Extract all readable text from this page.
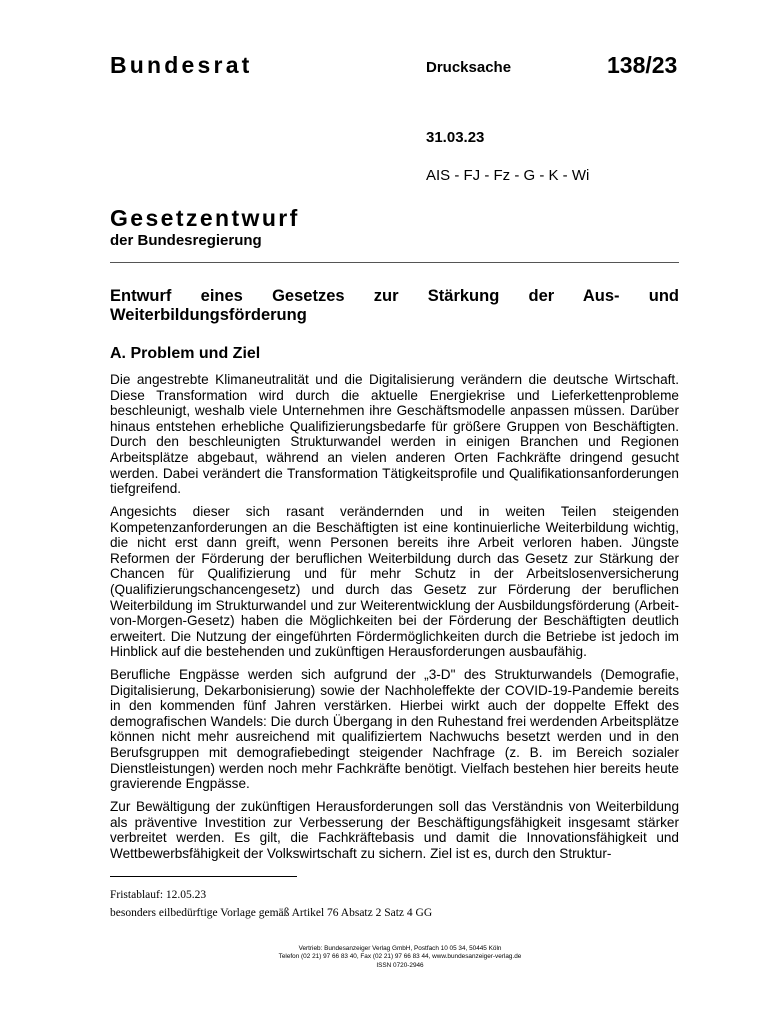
Bundesrat	Drucksache	138/23
31.03.23
AIS - FJ - Fz - G - K - Wi
Gesetzentwurf
der Bundesregierung
Entwurf eines Gesetzes zur Stärkung der Aus- und
Weiterbildungsförderung
A. Problem und Ziel

Die angestrebte Klimaneutralität und die Digitalisierung verändern die deutsche Wirtschaft. Diese Transformation wird durch die aktuelle Energiekrise und Lieferkettenprobleme beschleunigt, weshalb viele Unternehmen ihre Geschäftsmodelle anpassen müssen. Darüber hinaus entstehen erhebliche Qualifizierungsbedarfe für größere Gruppen von Beschäftigten. Durch den beschleunigten Strukturwandel werden in einigen Branchen und Regionen Arbeitsplätze abgebaut, während an vielen anderen Orten Fachkräfte dringend gesucht werden. Dabei verändert die Transformation Tätigkeitsprofile und Qualifikationsanforderungen tiefgreifend.

Angesichts dieser sich rasant verändernden und in weiten Teilen steigenden Kompetenzanforderungen an die Beschäftigten ist eine kontinuierliche Weiterbildung wichtig, die nicht erst dann greift, wenn Personen bereits ihre Arbeit verloren haben. Jüngste Reformen der Förderung der beruflichen Weiterbildung durch das Gesetz zur Stärkung der Chancen für Qualifizierung und für mehr Schutz in der Arbeitslosenversicherung (Qualifizierungschancengesetz) und durch das Gesetz zur Förderung der beruflichen Weiterbildung im Strukturwandel und zur Weiterentwicklung der Ausbildungsförderung (Arbeit-von-Morgen-Gesetz) haben die Möglichkeiten bei der Förderung der Beschäftigten deutlich erweitert. Die Nutzung der eingeführten Fördermöglichkeiten durch die Betriebe ist jedoch im Hinblick auf die bestehenden und zukünftigen Herausforderungen ausbaufähig.

Berufliche Engpässe werden sich aufgrund der „3-D" des Strukturwandels (Demografie, Digitalisierung, Dekarbonisierung) sowie der Nachholeffekte der COVID-19-Pandemie bereits in den kommenden fünf Jahren verstärken. Hierbei wirkt auch der doppelte Effekt des demografischen Wandels: Die durch Übergang in den Ruhestand frei werdenden Arbeitsplätze können nicht mehr ausreichend mit qualifiziertem Nachwuchs besetzt werden und in den Berufsgruppen mit demografiebedingt steigender Nachfrage (z. B. im Bereich sozialer Dienstleistungen) werden noch mehr Fachkräfte benötigt. Vielfach bestehen hier bereits heute gravierende Engpässe.

Zur Bewältigung der zukünftigen Herausforderungen soll das Verständnis von Weiterbildung als präventive Investition zur Verbesserung der Beschäftigungsfähigkeit insgesamt stärker verbreitet werden. Es gilt, die Fachkräftebasis und damit die Innovationsfähigkeit und Wettbewerbsfähigkeit der Volkswirtschaft zu sichern. Ziel ist es, durch den Struktur-

Fristablauf: 12.05.23
besonders eilbedürftige Vorlage gemäß Artikel 76 Absatz 2 Satz 4 GG
Vertrieb: Bundesanzeiger Verlag GmbH, Postfach 10 05 34, 50445 Köln
Telefon (02 21) 97 66 83 40, Fax (02 21) 97 66 83 44, www.bundesanzeiger-verlag.de
ISSN 0720-2946
